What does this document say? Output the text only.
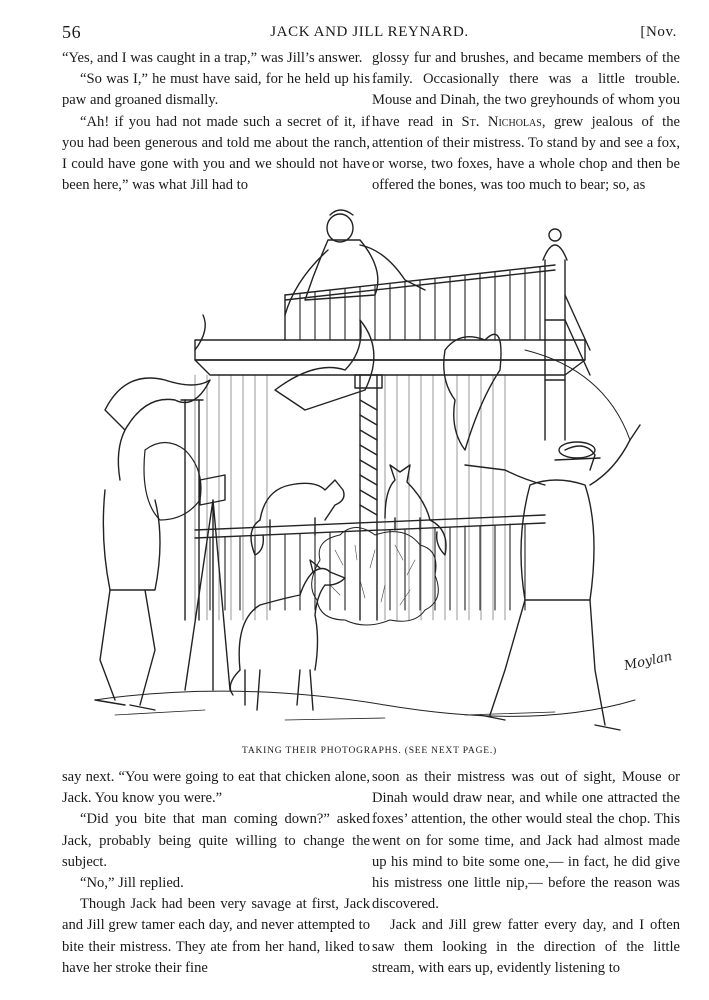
56	JACK AND JILL REYNARD.	[Nov.

“Yes, and I was caught in a trap,” was Jill’s answer.

“So was I,” he must have said, for he held up his paw and groaned dismally.

“Ah! if you had not made such a secret of it, if you had been generous and told me about the ranch, I could have gone with you and we should not have been here,” was what Jill had to

glossy fur and brushes, and became members of the family. Occasionally there was a little trouble. Mouse and Dinah, the two greyhounds of whom you have read in St. Nicholas, grew jealous of the attention of their mistress. To stand by and see a fox, or worse, two foxes, have a whole chop and then be offered the bones, was too much to bear; so, as

Moylan
TAKING THEIR PHOTOGRAPHS. (SEE NEXT PAGE.)

say next. “You were going to eat that chicken alone, Jack. You know you were.”

“Did you bite that man coming down?” asked Jack, probably being quite willing to change the subject.

“No,” Jill replied.

Though Jack had been very savage at first, Jack and Jill grew tamer each day, and never attempted to bite their mistress. They ate from her hand, liked to have her stroke their fine

soon as their mistress was out of sight, Mouse or Dinah would draw near, and while one attracted the foxes’ attention, the other would steal the chop. This went on for some time, and Jack had almost made up his mind to bite some one,— in fact, he did give his mistress one little nip,— before the reason was discovered.

Jack and Jill grew fatter every day, and I often saw them looking in the direction of the little stream, with ears up, evidently listening to
